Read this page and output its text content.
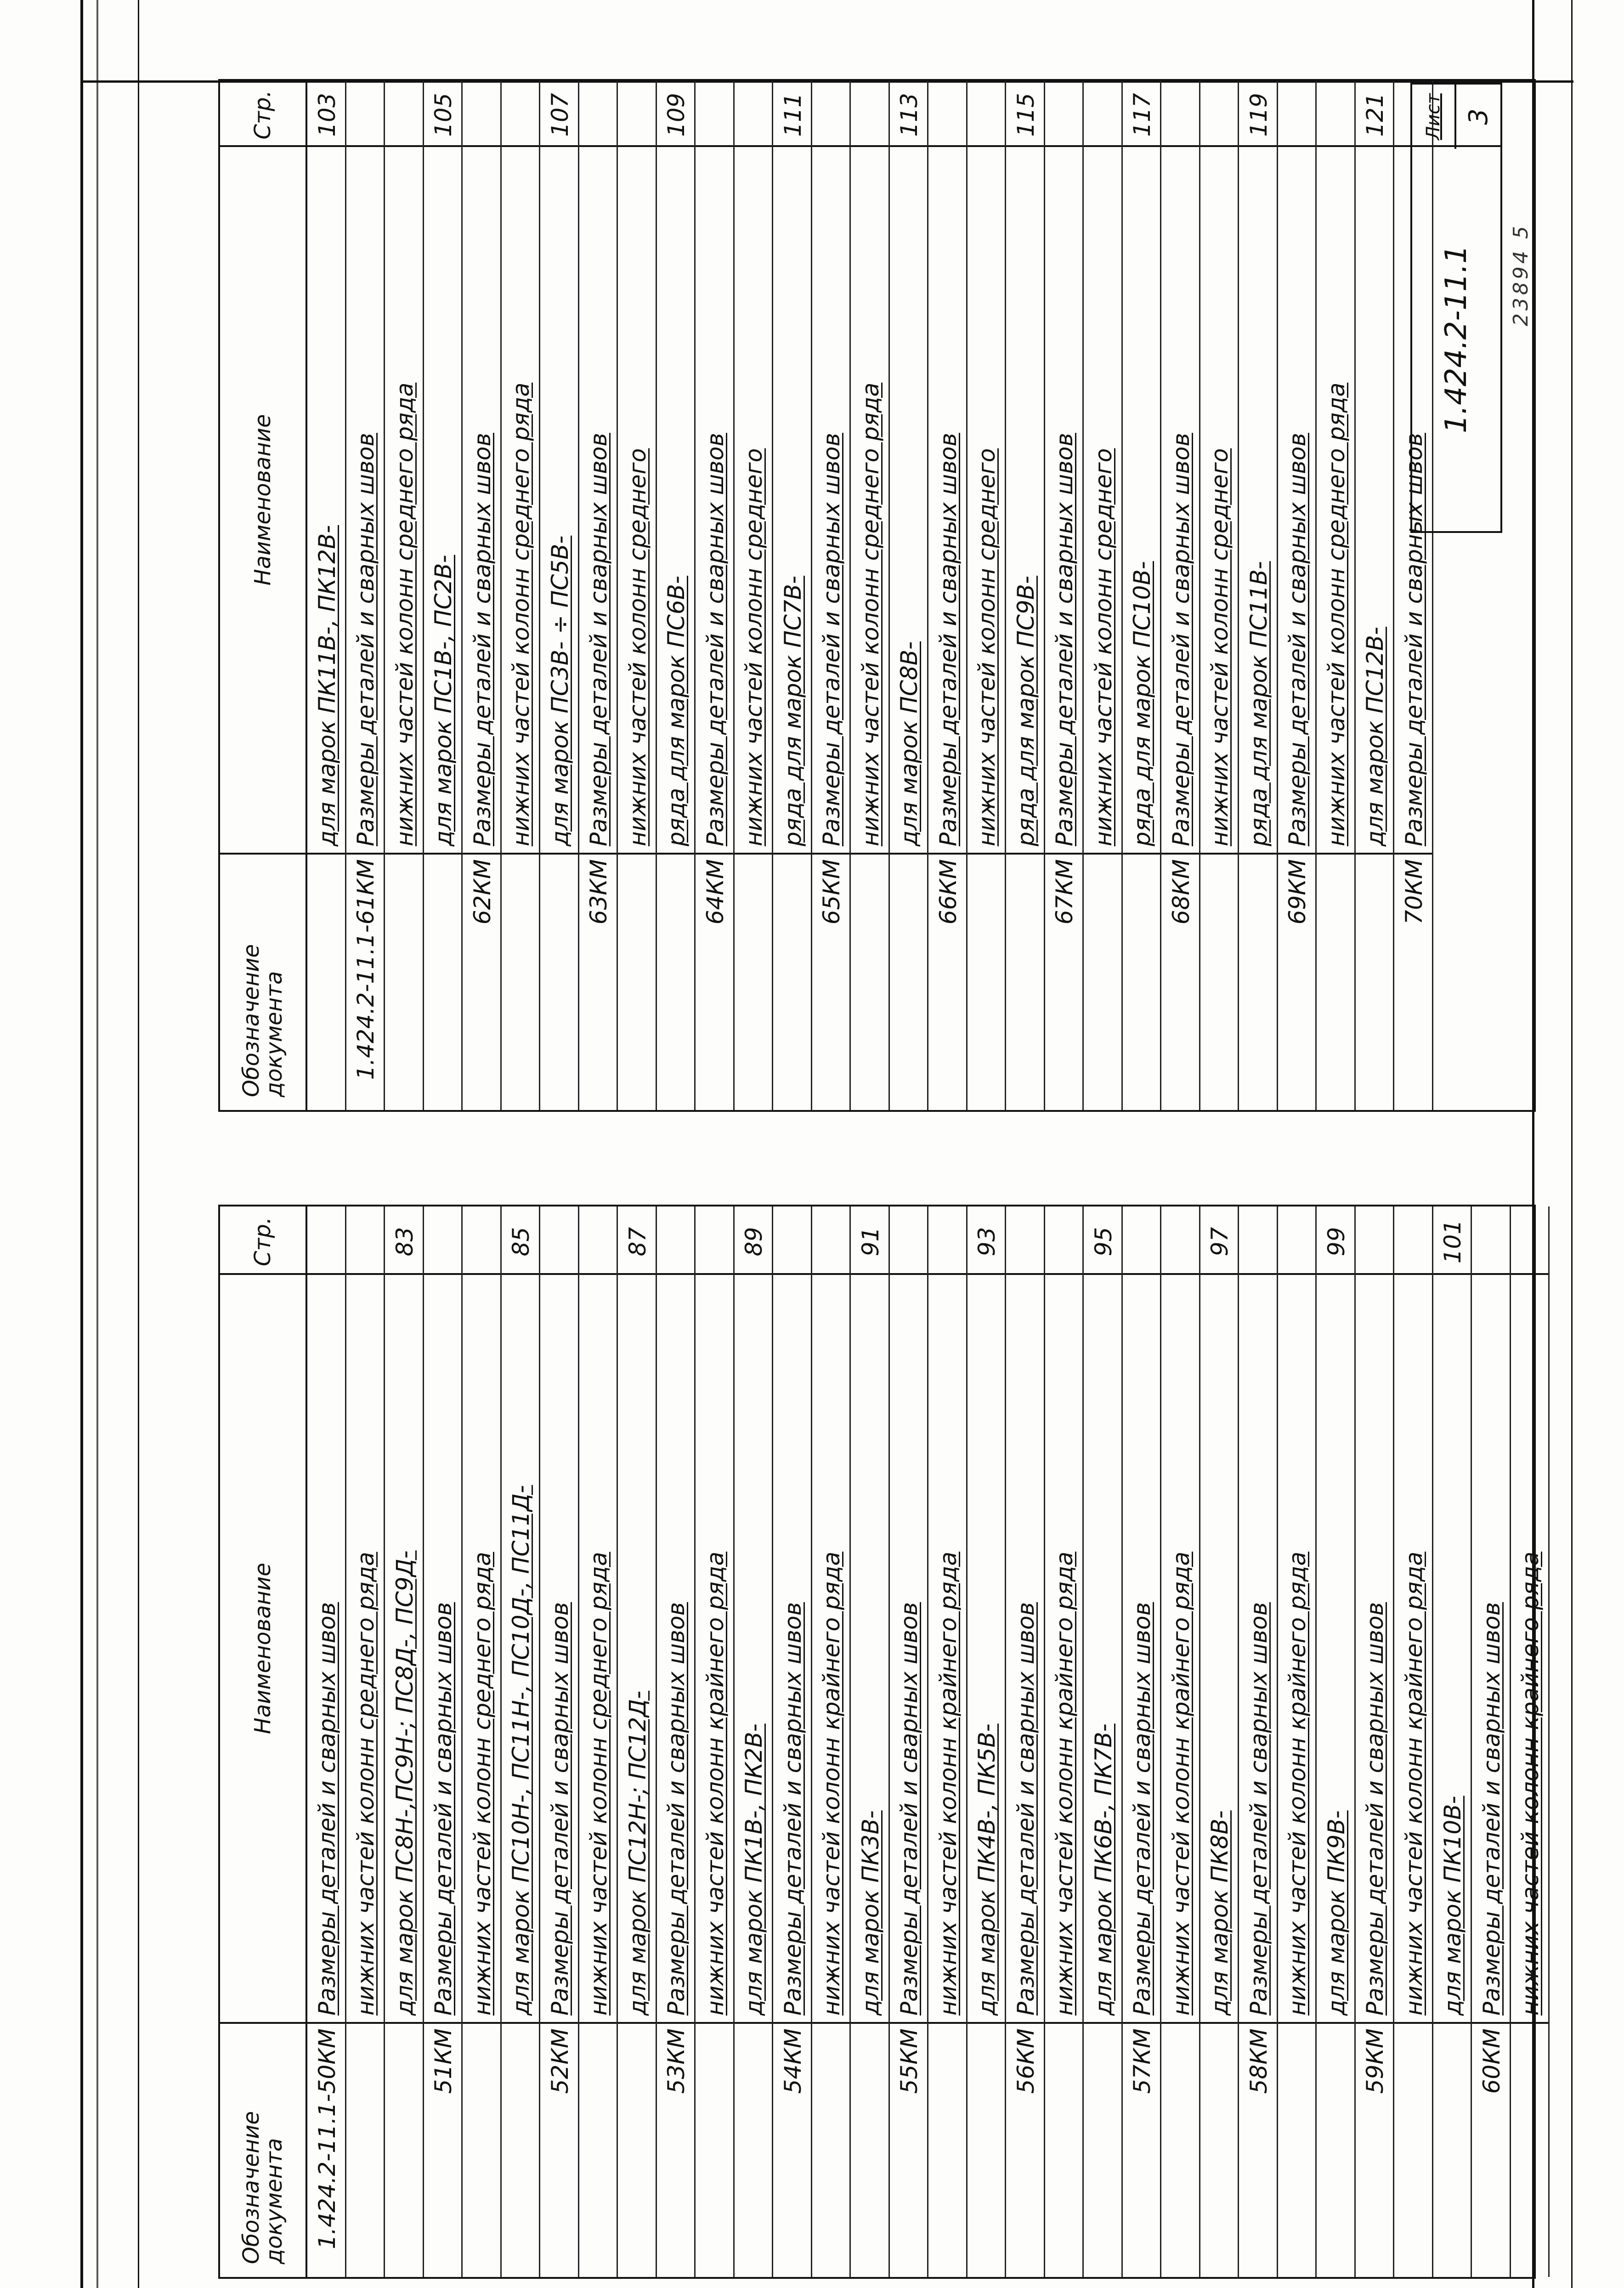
Обозначение документа
Наименование
Стр.
1.424.2-11.1-50КМ
Размеры деталей и сварных швов нижних частей колонн среднего ряда для марок ПС8Н-,ПС9Н-; ПС8Д-, ПС9Д-
83
51КМ
Размеры деталей и сварных швов нижних частей колонн среднего ряда для марок ПС10Н-, ПС11Н-, ПС10Д-, ПС11Д-
85
52КМ
Размеры деталей и сварных швов нижних частей колонн среднего ряда для марок ПС12Н-; ПС12Д-
87
53КМ
Размеры деталей и сварных швов нижних частей колонн крайнего ряда для марок ПК1В-, ПК2В-
89
54КМ
Размеры деталей и сварных швов нижних частей колонн крайнего ряда для марок ПК3В-
91
55КМ
Размеры деталей и сварных швов нижних частей колонн крайнего ряда для марок ПК4В-, ПК5В-
93
56КМ
Размеры деталей и сварных швов нижних частей колонн крайнего ряда для марок ПК6В-, ПК7В-
95
57КМ
Размеры деталей и сварных швов нижних частей колонн крайнего ряда для марок ПК8В-
97
58КМ
Размеры деталей и сварных швов нижних частей колонн крайнего ряда для марок ПК9В-
99
59КМ
Размеры деталей и сварных швов нижних частей колонн крайнего ряда для марок ПК10В-
101
60КМ
Размеры деталей и сварных швов нижних частей колонн крайнего ряда
Обозначение документа
Наименование
Стр.
для марок ПК11В-, ПК12В-
103
1.424.2-11.1-61КМ
Размеры деталей и сварных швов нижних частей колонн среднего ряда для марок ПС1В-, ПС2В-
105
62КМ
Размеры деталей и сварных швов нижних частей колонн среднего ряда для марок ПС3В- ÷ ПС5В-
107
63КМ
Размеры деталей и сварных швов нижних частей колонн среднего ряда для марок ПС6В-
109
64КМ
Размеры деталей и сварных швов нижних частей колонн среднего ряда для марок ПС7В-
111
65КМ
Размеры деталей и сварных швов нижних частей колонн среднего ряда для марок ПС8В-
113
66КМ
Размеры деталей и сварных швов нижних частей колонн среднего ряда для марок ПС9В-
115
67КМ
Размеры деталей и сварных швов нижних частей колонн среднего ряда для марок ПС10В-
117
68КМ
Размеры деталей и сварных швов нижних частей колонн среднего ряда для марок ПС11В-
119
69КМ
Размеры деталей и сварных швов нижних частей колонн среднего ряда для марок ПС12В-
121
70КМ
Размеры деталей и сварных швов
1.424.2-11.1
Лист 3
23894 5
